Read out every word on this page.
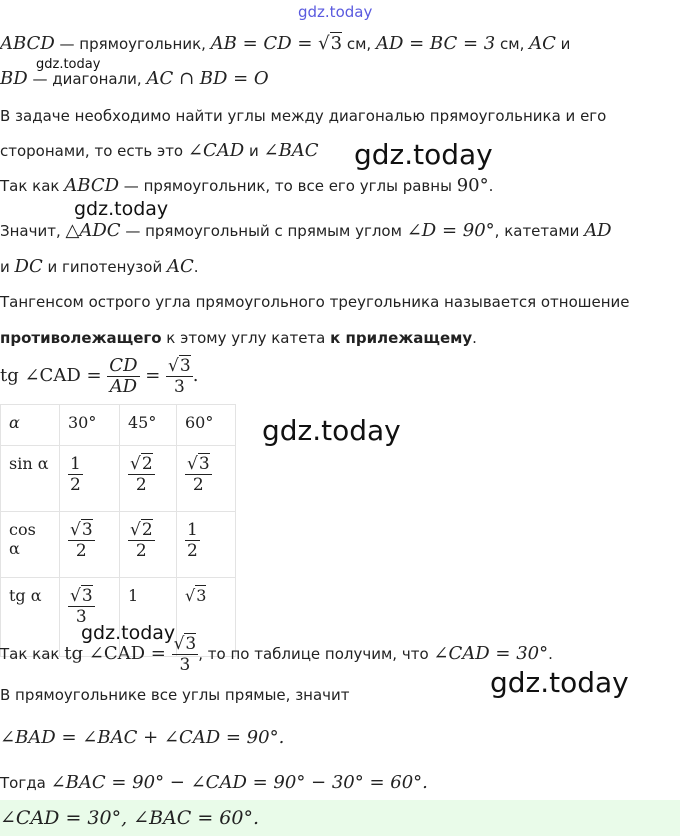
gdz.today
gdz.today
gdz.today
gdz.today
gdz.today
gdz.today
gdz.today
ABCD — прямоугольник, AB = CD = √3 см, AD = BC = 3 см, AC и
BD — диагонали, AC ∩ BD = O
В задаче необходимо найти углы между диагональю прямоугольника и его
сторонами, то есть это ∠CAD и ∠BAC
Так как ABCD — прямоугольник, то все его углы равны 90°.
Значит, △ADC — прямоугольный с прямым углом ∠D = 90°, катетами AD
и DC и гипотенузой AC.
Тангенсом острого угла прямоугольного треугольника называется отношение
противолежащего к этому углу катета к прилежащему.
tg ∠CAD = $\frac{CD}{AD} = \frac{√3}{3}$ .
α	30°	45°	60°
sin α	$\frac{1}{2}$	$\frac{√2}{2}$	$\frac{√3}{2}$

cos α	$\frac{√3}{2}$	$\frac{√2}{2}$	$\frac{1}{2}$

tg α	$\frac{√3}{3}$	1	√3
Так как tg ∠CAD = $\frac{√3}{3}$ , то по таблице получим, что ∠CAD = 30°.
В прямоугольнике все углы прямые, значит
∠BAD = ∠BAC + ∠CAD = 90°.
Тогда ∠BAC = 90° − ∠CAD = 90° − 30° = 60°.
∠CAD = 30°, ∠BAC = 60°.
